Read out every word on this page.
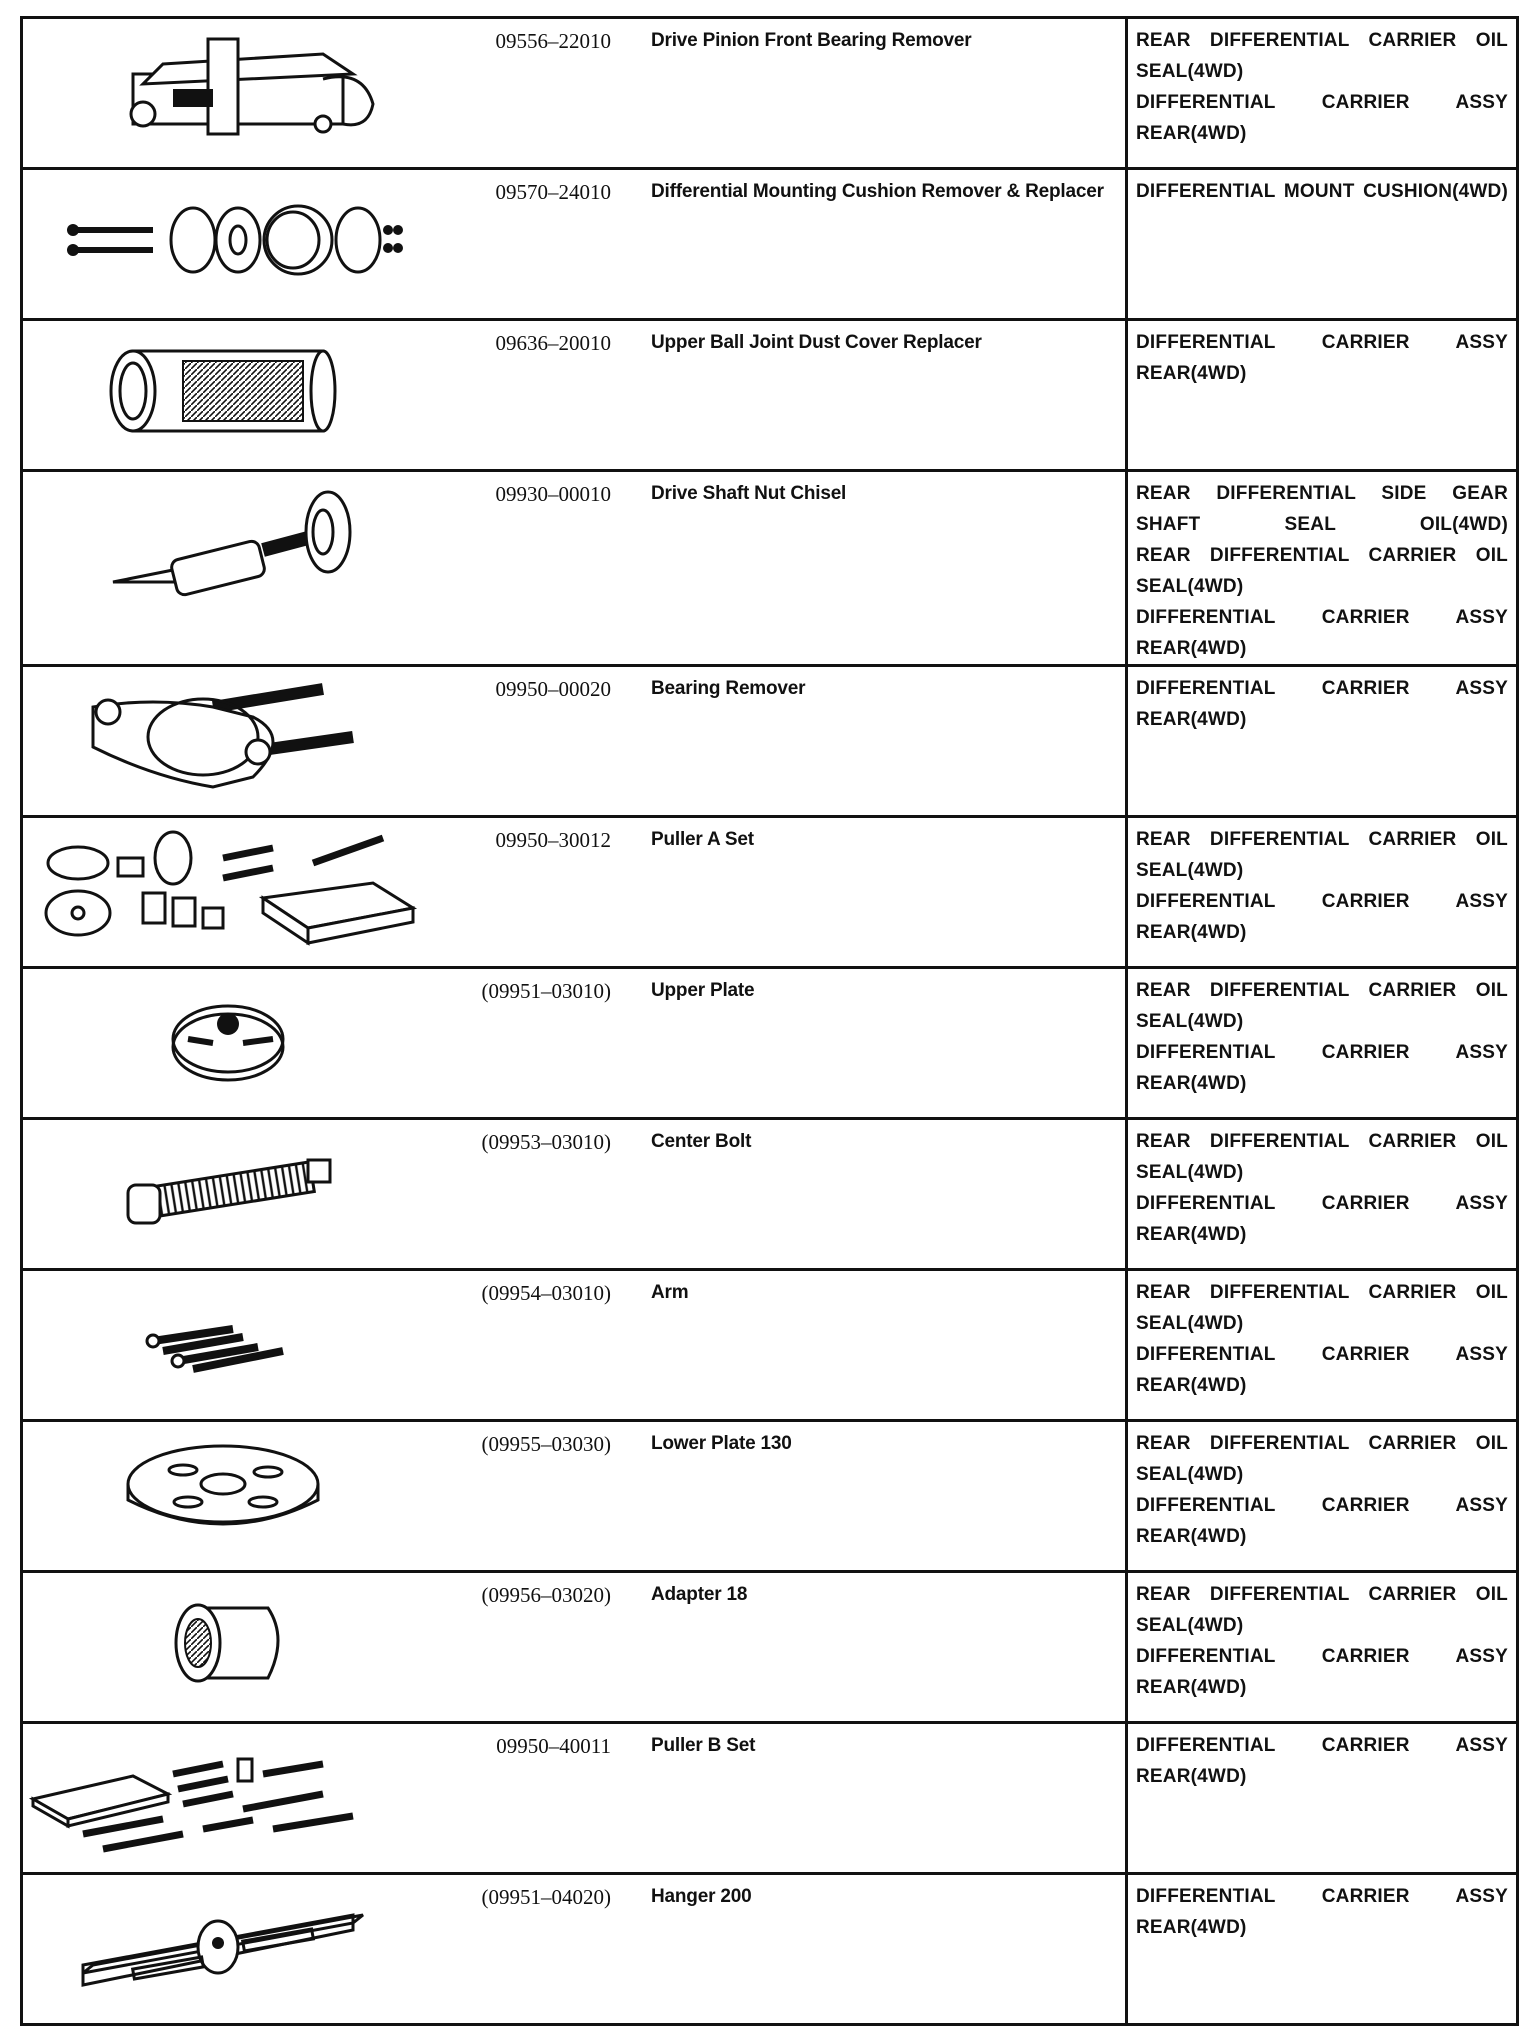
	09556–22010	Drive Pinion Front Bearing Remover	REAR DIFFERENTIAL CARRIER OIL SEAL(4WD)
DIFFERENTIAL CARRIER ASSY REAR(4WD)

	09570–24010	Differential Mounting Cushion Remover & Replacer	DIFFERENTIAL MOUNT CUSHION(4WD)

	09636–20010	Upper Ball Joint Dust Cover Replacer	DIFFERENTIAL CARRIER ASSY REAR(4WD)

	09930–00010	Drive Shaft Nut Chisel	REAR DIFFERENTIAL SIDE GEAR SHAFT SEAL OIL(4WD)
REAR DIFFERENTIAL CARRIER OIL SEAL(4WD)
DIFFERENTIAL CARRIER ASSY REAR(4WD)

	09950–00020	Bearing Remover	DIFFERENTIAL CARRIER ASSY REAR(4WD)

	09950–30012	Puller A Set	REAR DIFFERENTIAL CARRIER OIL SEAL(4WD)
DIFFERENTIAL CARRIER ASSY REAR(4WD)

	(09951–03010)	Upper Plate	REAR DIFFERENTIAL CARRIER OIL SEAL(4WD)
DIFFERENTIAL CARRIER ASSY REAR(4WD)

	(09953–03010)	Center Bolt	REAR DIFFERENTIAL CARRIER OIL SEAL(4WD)
DIFFERENTIAL CARRIER ASSY REAR(4WD)

	(09954–03010)	Arm	REAR DIFFERENTIAL CARRIER OIL SEAL(4WD)
DIFFERENTIAL CARRIER ASSY REAR(4WD)

	(09955–03030)	Lower Plate 130	REAR DIFFERENTIAL CARRIER OIL SEAL(4WD)
DIFFERENTIAL CARRIER ASSY REAR(4WD)

	(09956–03020)	Adapter 18	REAR DIFFERENTIAL CARRIER OIL SEAL(4WD)
DIFFERENTIAL CARRIER ASSY REAR(4WD)

	09950–40011	Puller B Set	DIFFERENTIAL CARRIER ASSY REAR(4WD)

	(09951–04020)	Hanger 200	DIFFERENTIAL CARRIER ASSY REAR(4WD)
